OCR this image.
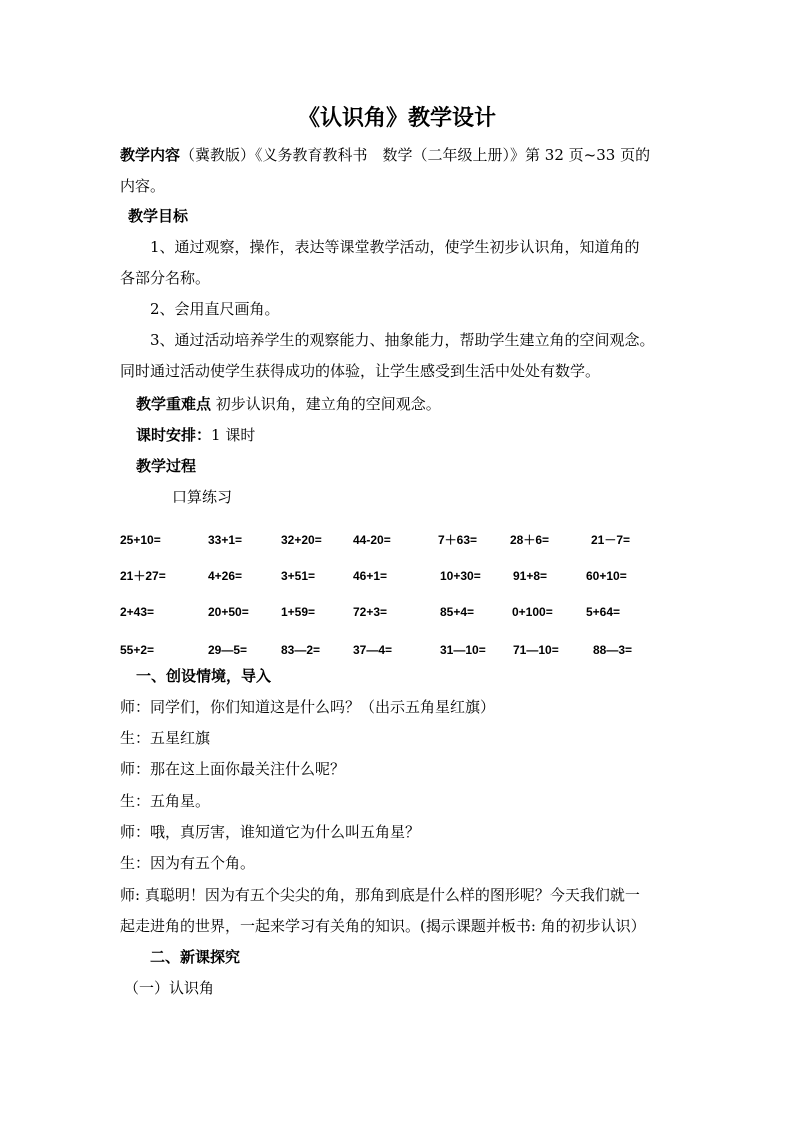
《认识角》教学设计
教学内容（冀教版）《义务教育教科书　数学（二年级上册）》第 32 页~33 页的
内容。
教学目标
1、通过观察，操作，表达等课堂教学活动，使学生初步认识角，知道角的
各部分名称。
2、会用直尺画角。
3、通过活动培养学生的观察能力、抽象能力，帮助学生建立角的空间观念。
同时通过活动使学生获得成功的体验，让学生感受到生活中处处有数学。
教学重难点 初步认识角，建立角的空间观念。
课时安排：1 课时
教学过程
口算练习
25+10=	33+1=	32+20=	44-20=	7＋63=	28＋6=	21－7=
21＋27=	4+26=	3+51=	46+1=	10+30=	91+8=	60+10=
2+43=	20+50=	1+59=	72+3=	85+4=	0+100=	5+64=
55+2=	29—5=	83—2=	37—4=	31—10= 71—10=	88—3=
一、创设情境，导入
师：同学们，你们知道这是什么吗？（出示五角星红旗）
生：五星红旗
师：那在这上面你最关注什么呢？
生：五角星。
师：哦，真厉害，谁知道它为什么叫五角星？
生：因为有五个角。
师: 真聪明！因为有五个尖尖的角，那角到底是什么样的图形呢？今天我们就一
起走进角的世界，一起来学习有关角的知识。(揭示课题并板书: 角的初步认识）
二、新课探究
（一）认识角
